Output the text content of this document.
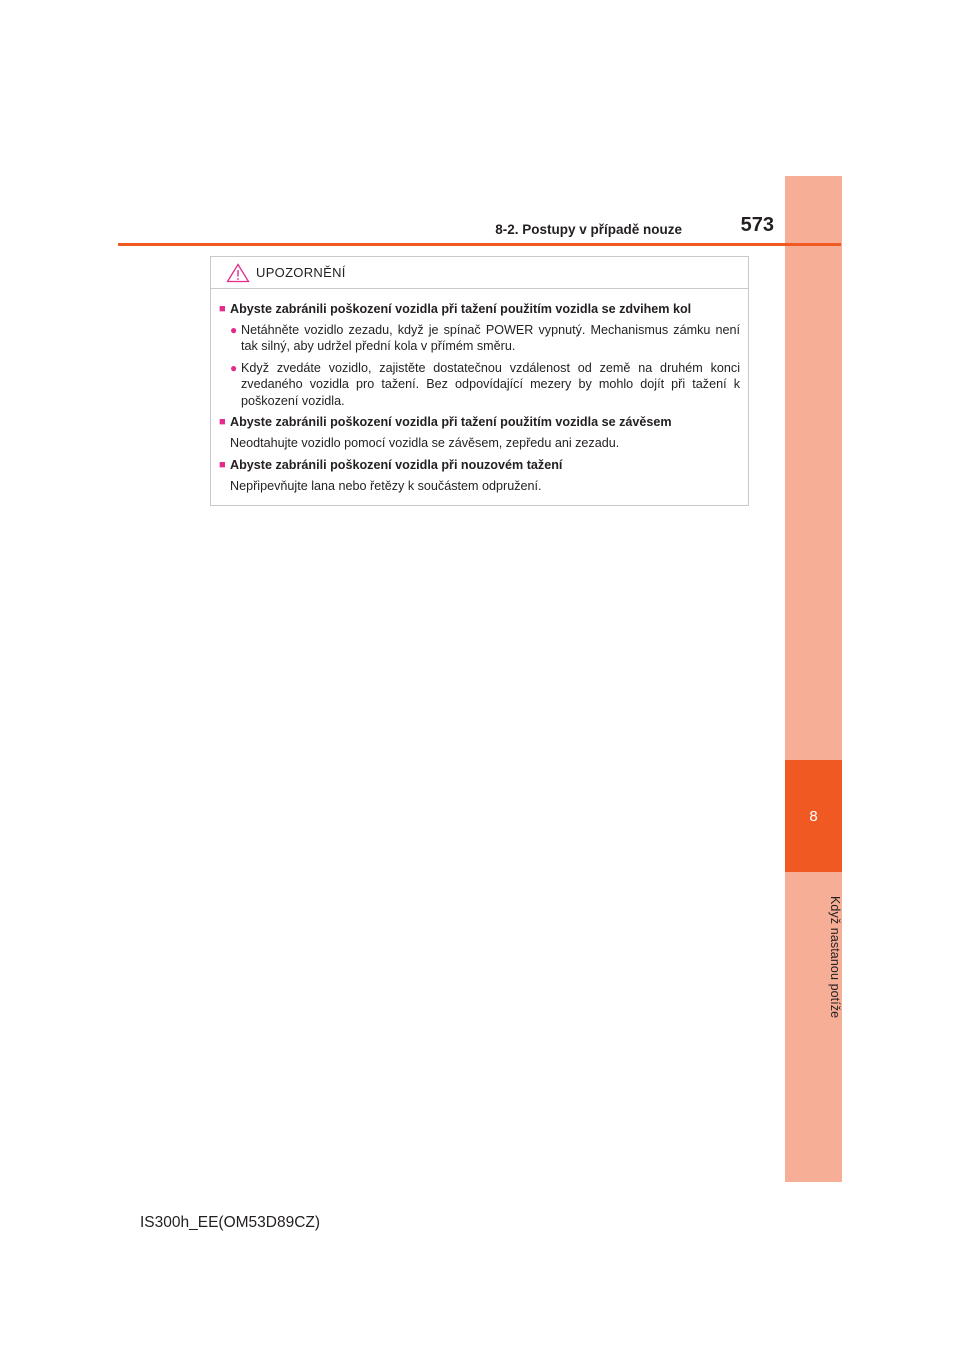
8
Když nastanou potíže
8-2. Postupy v případě nouze	573
UPOZORNĚNÍ
■ Abyste zabránili poškození vozidla při tažení použitím vozidla se zdvihem kol
● Netáhněte vozidlo zezadu, když je spínač POWER vypnutý. Mechanismus zámku není tak silný, aby udržel přední kola v přímém směru.
● Když zvedáte vozidlo, zajistěte dostatečnou vzdálenost od země na druhém konci zvedaného vozidla pro tažení. Bez odpovídající mezery by mohlo dojít při tažení k poškození vozidla.
■ Abyste zabránili poškození vozidla při tažení použitím vozidla se závěsem
Neodtahujte vozidlo pomocí vozidla se závěsem, zepředu ani zezadu.
■ Abyste zabránili poškození vozidla při nouzovém tažení
Nepřipevňujte lana nebo řetězy k součástem odpružení.
IS300h_EE(OM53D89CZ)
